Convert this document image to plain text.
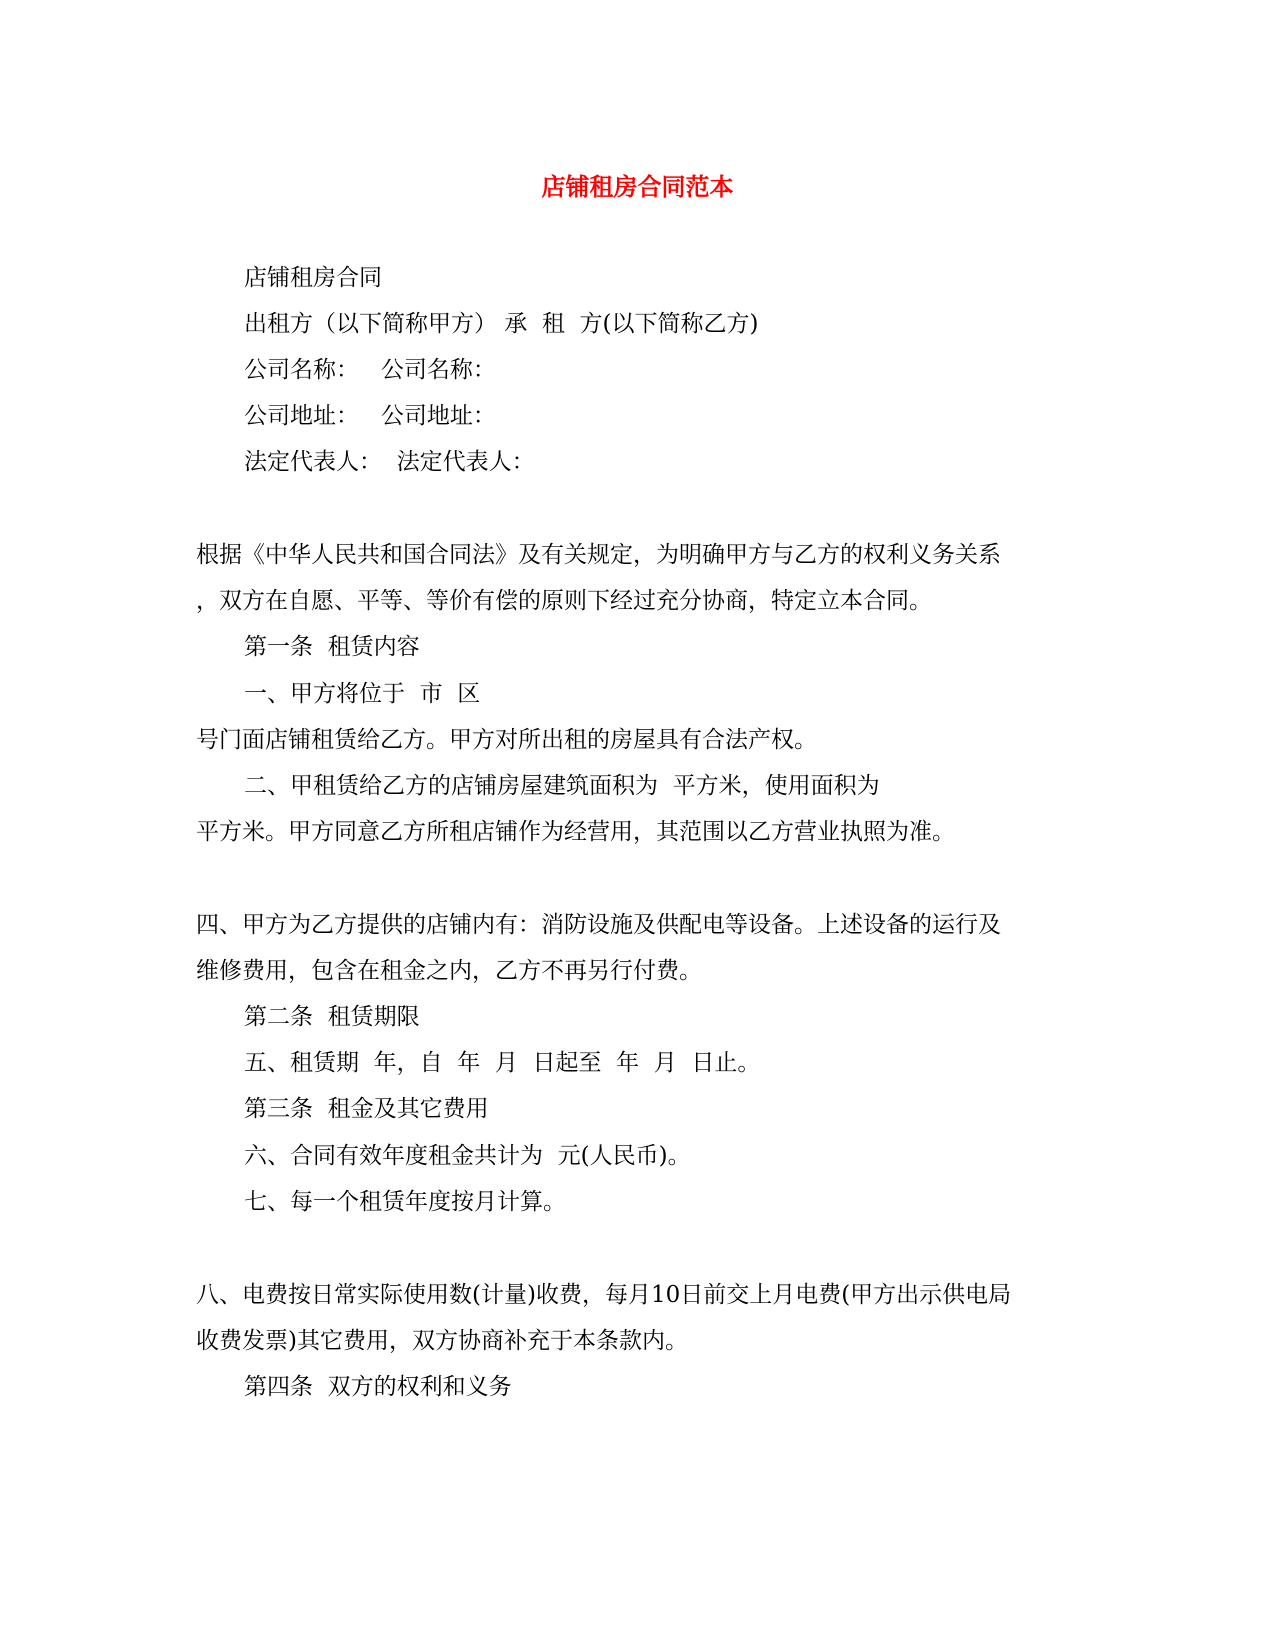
店铺租房合同范本

店铺租房合同

出租方（以下简称甲方） 承  租  方(以下简称乙方)

公司名称：   公司名称：

公司地址：   公司地址：

法定代表人：  法定代表人：

根据《中华人民共和国合同法》及有关规定，为明确甲方与乙方的权利义务关系

，双方在自愿、平等、等价有偿的原则下经过充分协商，特定立本合同。

第一条  租赁内容

一、甲方将位于  市  区

号门面店铺租赁给乙方。甲方对所出租的房屋具有合法产权。

二、甲租赁给乙方的店铺房屋建筑面积为  平方米，使用面积为

平方米。甲方同意乙方所租店铺作为经营用，其范围以乙方营业执照为准。

四、甲方为乙方提供的店铺内有：消防设施及供配电等设备。上述设备的运行及

维修费用，包含在租金之内，乙方不再另行付费。

第二条  租赁期限

五、租赁期  年，自  年  月  日起至  年  月  日止。

第三条  租金及其它费用

六、合同有效年度租金共计为  元(人民币)。

七、每一个租赁年度按月计算。

八、电费按日常实际使用数(计量)收费，每月10日前交上月电费(甲方出示供电局

收费发票)其它费用，双方协商补充于本条款内。

第四条  双方的权利和义务
